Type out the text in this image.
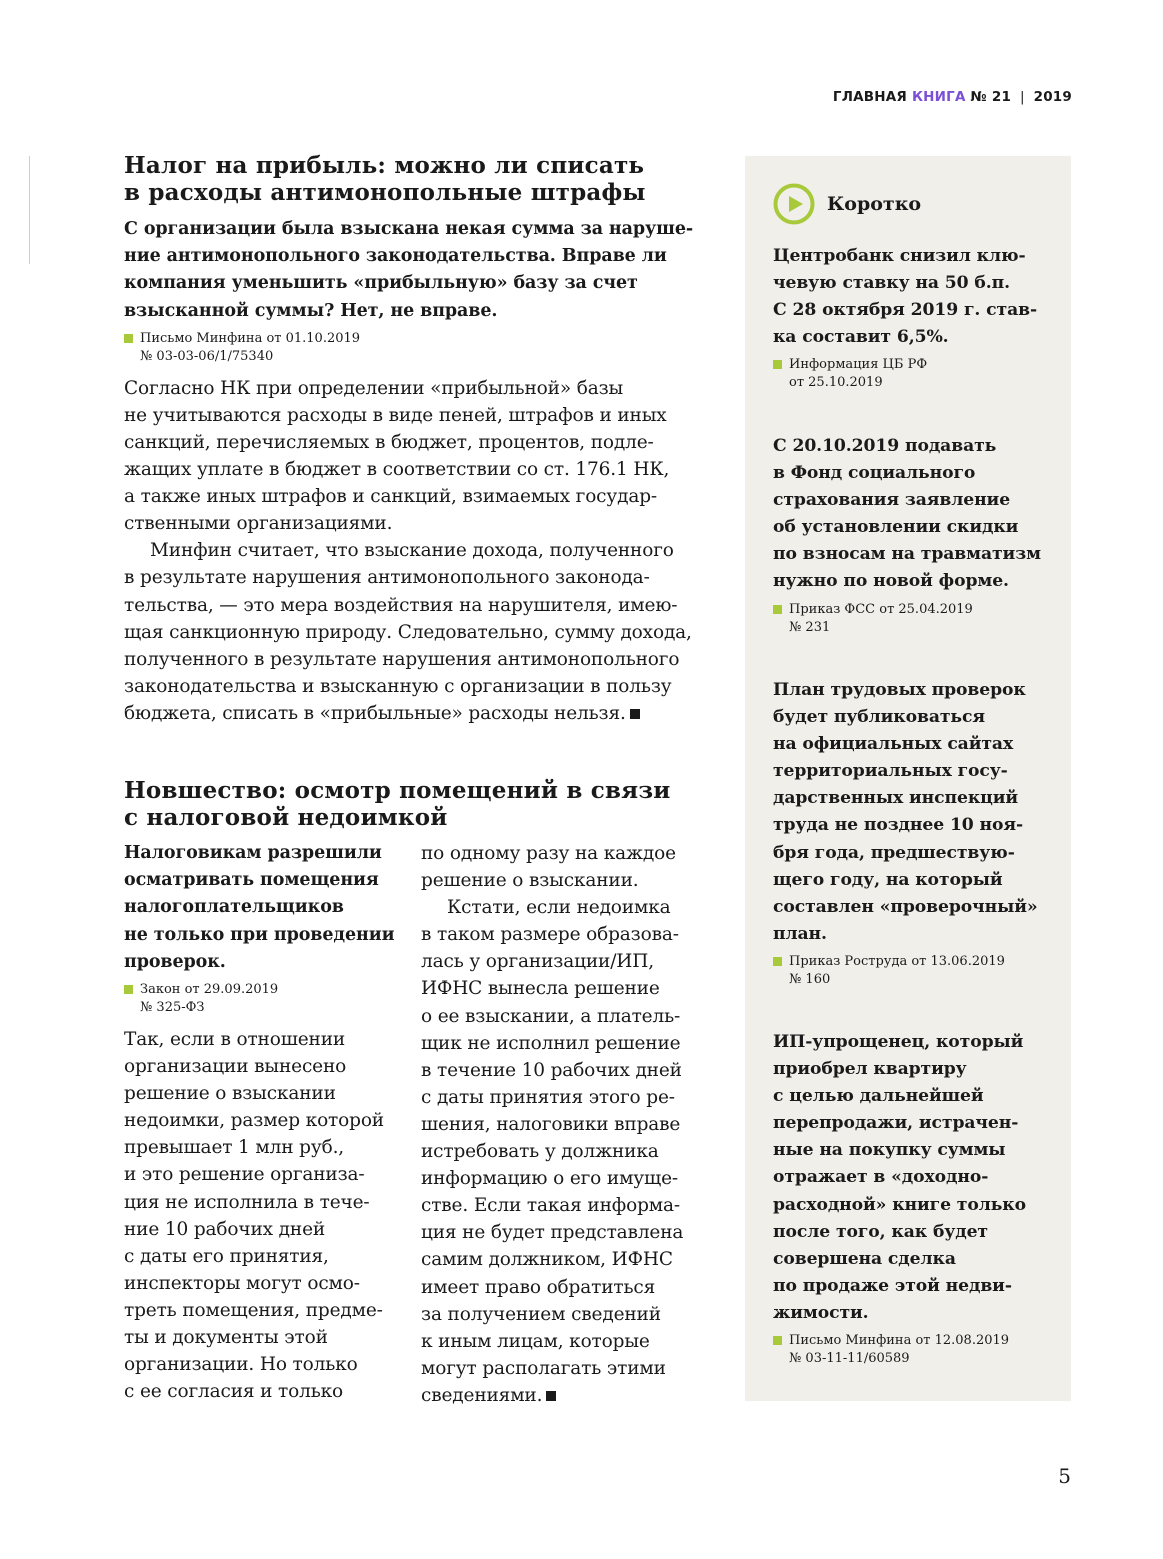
ГЛАВНАЯ КНИГА № 21 | 2019
Налог на прибыль: можно ли списать
в расходы антимонопольные штрафы
С организации была взыскана некая сумма за наруше-
ние антимонопольного законодательства. Вправе ли
компания уменьшить «прибыльную» базу за счет
взысканной суммы? Нет, не вправе.
Письмо Минфина от 01.10.2019
№ 03-03-06/1/75340

Согласно НК при определении «прибыльной» базы
не учитываются расходы в виде пеней, штрафов и иных
санкций, перечисляемых в бюджет, процентов, подле-
жащих уплате в бюджет в соответствии со ст. 176.1 НК,
а также иных штрафов и санкций, взимаемых государ-
ственными организациями.

Минфин считает, что взыскание дохода, полученного
в результате нарушения антимонопольного законода-
тельства, — это мера воздействия на нарушителя, имею-
щая санкционную природу. Следовательно, сумму дохода,
полученного в результате нарушения антимонопольного
законодательства и взысканную с организации в пользу
бюджета, списать в «прибыльные» расходы нельзя.

Новшество: осмотр помещений в связи
с налоговой недоимкой
Налоговикам разрешили
осматривать помещения
налогоплательщиков
не только при проведении
проверок.
Закон от 29.09.2019
№ 325-ФЗ

Так, если в отношении
организации вынесено
решение о взыскании
недоимки, размер которой
превышает 1 млн руб.,
и это решение организа-
ция не исполнила в тече-
ние 10 рабочих дней
с даты его принятия,
инспекторы могут осмо-
треть помещения, предме-
ты и документы этой
организации. Но только
с ее согласия и только

по одному разу на каждое
решение о взыскании.

Кстати, если недоимка
в таком размере образова-
лась у организации/ИП,
ИФНС вынесла решение
о ее взыскании, а платель-
щик не исполнил решение
в течение 10 рабочих дней
с даты принятия этого ре-
шения, налоговики вправе
истребовать у должника
информацию о его имуще-
стве. Если такая информа-
ция не будет представлена
самим должником, ИФНС
имеет право обратиться
за получением сведений
к иным лицам, которые
могут располагать этими
сведениями.

Коротко
Центробанк снизил клю-
чевую ставку на 50 б.п.
С 28 октября 2019 г. став-
ка составит 6,5%.
Информация ЦБ РФ
от 25.10.2019
С 20.10.2019 подавать
в Фонд социального
страхования заявление
об установлении скидки
по взносам на травматизм
нужно по новой форме.
Приказ ФСС от 25.04.2019
№ 231
План трудовых проверок
будет публиковаться
на официальных сайтах
территориальных госу-
дарственных инспекций
труда не позднее 10 ноя-
бря года, предшествую-
щего году, на который
составлен «проверочный»
план.
Приказ Роструда от 13.06.2019
№ 160
ИП-упрощенец, который
приобрел квартиру
с целью дальнейшей
перепродажи, истрачен-
ные на покупку суммы
отражает в «доходно-
расходной» книге только
после того, как будет
совершена сделка
по продаже этой недви-
жимости.
Письмо Минфина от 12.08.2019
№ 03-11-11/60589
5
